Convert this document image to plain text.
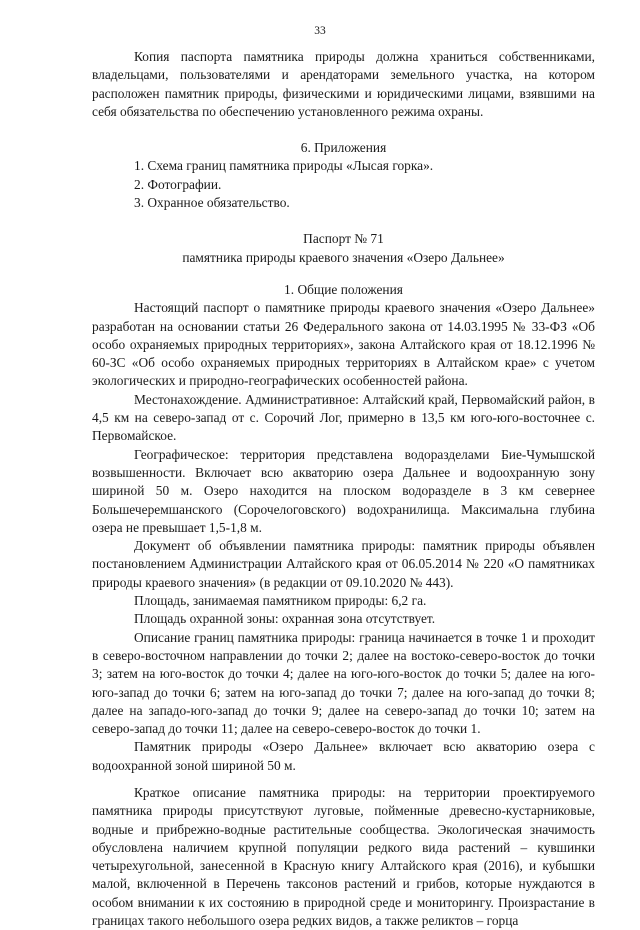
33

Копия паспорта памятника природы должна храниться собственниками, владельцами, пользователями и арендаторами земельного участка, на котором расположен памятник природы, физическими и юридическими лицами, взявшими на себя обязательства по обеспечению установленного режима охраны.

6. Приложения

1. Схема границ памятника природы «Лысая горка».
2. Фотографии.
3. Охранное обязательство.

Паспорт № 71

памятника природы краевого значения «Озеро Дальнее»

1. Общие положения

Настоящий паспорт о памятнике природы краевого значения «Озеро Дальнее» разработан на основании статьи 26 Федерального закона от 14.03.1995 № 33-ФЗ «Об особо охраняемых природных территориях», закона Алтайского края от 18.12.1996 № 60-ЗС «Об особо охраняемых природных территориях в Алтайском крае» с учетом экологических и природно-географических особенностей района.

Местонахождение. Административное: Алтайский край, Первомайский район, в 4,5 км на северо-запад от с. Сорочий Лог, примерно в 13,5 км юго-юго-восточнее с. Первомайское.

Географическое: территория представлена водоразделами Бие-Чумышской возвышенности. Включает всю акваторию озера Дальнее и водоохранную зону шириной 50 м. Озеро находится на плоском водоразделе в 3 км севернее Большечеремшанского (Сорочелоговского) водохранилища. Максимальна глубина озера не превышает 1,5-1,8 м.

Документ об объявлении памятника природы: памятник природы объявлен постановлением Администрации Алтайского края от 06.05.2014 № 220 «О памятниках природы краевого значения» (в редакции от 09.10.2020 № 443).

Площадь, занимаемая памятником природы: 6,2 га.

Площадь охранной зоны: охранная зона отсутствует.

Описание границ памятника природы: граница начинается в точке 1 и проходит в северо-восточном направлении до точки 2; далее на востоко-северо-восток до точки 3; затем на юго-восток до точки 4; далее на юго-юго-восток до точки 5; далее на юго-юго-запад до точки 6; затем на юго-запад до точки 7; далее на юго-запад до точки 8; далее на западо-юго-запад до точки 9; далее на северо-запад до точки 10; затем на северо-запад до точки 11; далее на северо-северо-восток до точки 1.

Памятник природы «Озеро Дальнее» включает всю акваторию озера с водоохранной зоной шириной 50 м.

Краткое описание памятника природы: на территории проектируемого памятника природы присутствуют луговые, пойменные древесно-кустарниковые, водные и прибрежно-водные растительные сообщества. Экологическая значимость обусловлена наличием крупной популяции редкого вида растений – кувшинки четырехугольной, занесенной в Красную книгу Алтайского края (2016), и кубышки малой, включенной в Перечень таксонов растений и грибов, которые нуждаются в особом внимании к их состоянию в природной среде и мониторингу. Произрастание в границах такого небольшого озера редких видов, а также реликтов – горца
